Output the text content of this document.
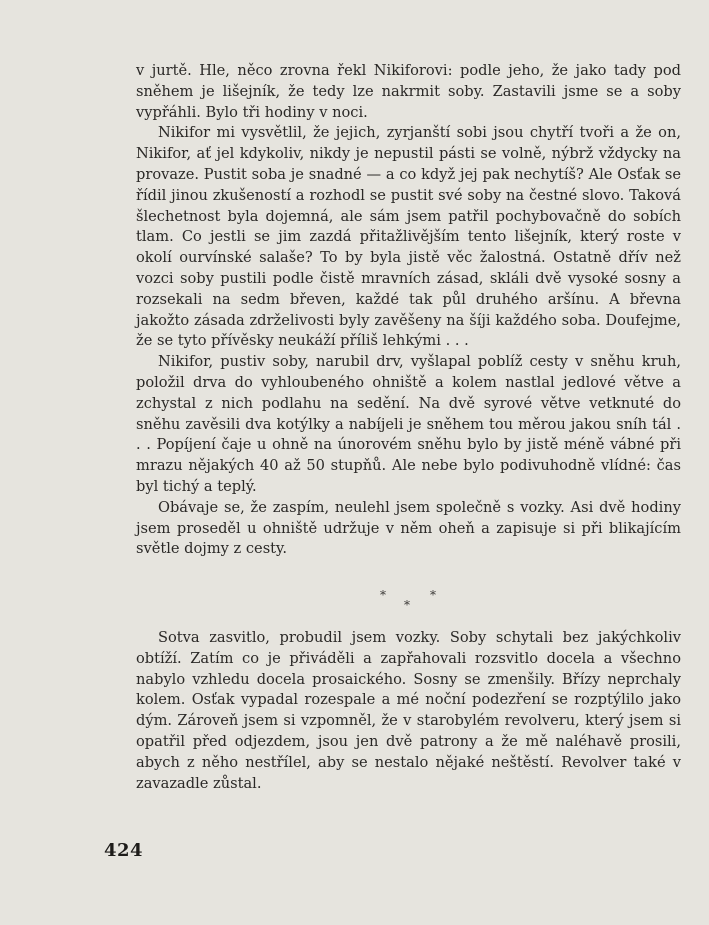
v jurtě. Hle, něco zrovna řekl Nikiforovi: podle jeho, že jako tady pod sněhem je lišejník, že tedy lze nakrmit soby. Zastavili jsme se a soby vypřáhli. Bylo tři hodiny v noci.

Nikifor mi vysvětlil, že jejich, zyrjanští sobi jsou chytří tvoři a že on, Nikifor, ať jel kdykoliv, nikdy je nepustil pásti se volně, nýbrž vždycky na provaze. Pustit soba je snadné — a co když jej pak nechytíš? Ale Osťak se řídil jinou zkušeností a rozhodl se pustit své soby na čestné slovo. Taková šlechetnost byla dojemná, ale sám jsem patřil pochybovačně do sobích tlam. Co jestli se jim zazdá přitažlivějším tento lišejník, který roste v okolí ourvínské salaše? To by byla jistě věc žalostná. Ostatně dřív než vozci soby pustili podle čistě mravních zásad, skláli dvě vysoké sosny a rozsekali na sedm břeven, každé tak půl druhého aršínu. A břevna jakožto zásada zdrželivosti byly zavěšeny na šíji každého soba. Doufejme, že se tyto přívěsky neukáží příliš lehkými . . .

Nikifor, pustiv soby, narubil drv, vyšlapal poblíž cesty v sněhu kruh, položil drva do vyhloubeného ohniště a kolem nastlal jedlové větve a zchystal z nich podlahu na sedění. Na dvě syrové větve vetknuté do sněhu zavěsili dva kotýlky a nabíjeli je sněhem tou měrou jakou sníh tál . . . Popíjení čaje u ohně na únorovém sněhu bylo by jistě méně vábné při mrazu nějakých 40 až 50 stupňů. Ale nebe bylo podivuhodně vlídné: čas byl tichý a teplý.

Obávaje se, že zaspím, neulehl jsem společně s vozky. Asi dvě hodiny jsem proseděl u ohniště udržuje v něm oheň a zapisuje si při blikajícím světle dojmy z cesty.

*
*
*

Sotva zasvitlo, probudil jsem vozky. Soby schytali bez jakýchkoliv obtíží. Zatím co je přiváděli a zapřahovali rozsvitlo docela a všechno nabylo vzhledu docela prosaického. Sosny se zmenšily. Břízy neprchaly kolem. Osťak vypadal rozespale a mé noční podezření se rozptýlilo jako dým. Zároveň jsem si vzpomněl, že v starobylém revolveru, který jsem si opatřil před odjezdem, jsou jen dvě patrony a že mě naléhavě prosili, abych z něho nestřílel, aby se nestalo nějaké neštěstí. Revolver také v zavazadle zůstal.

424
